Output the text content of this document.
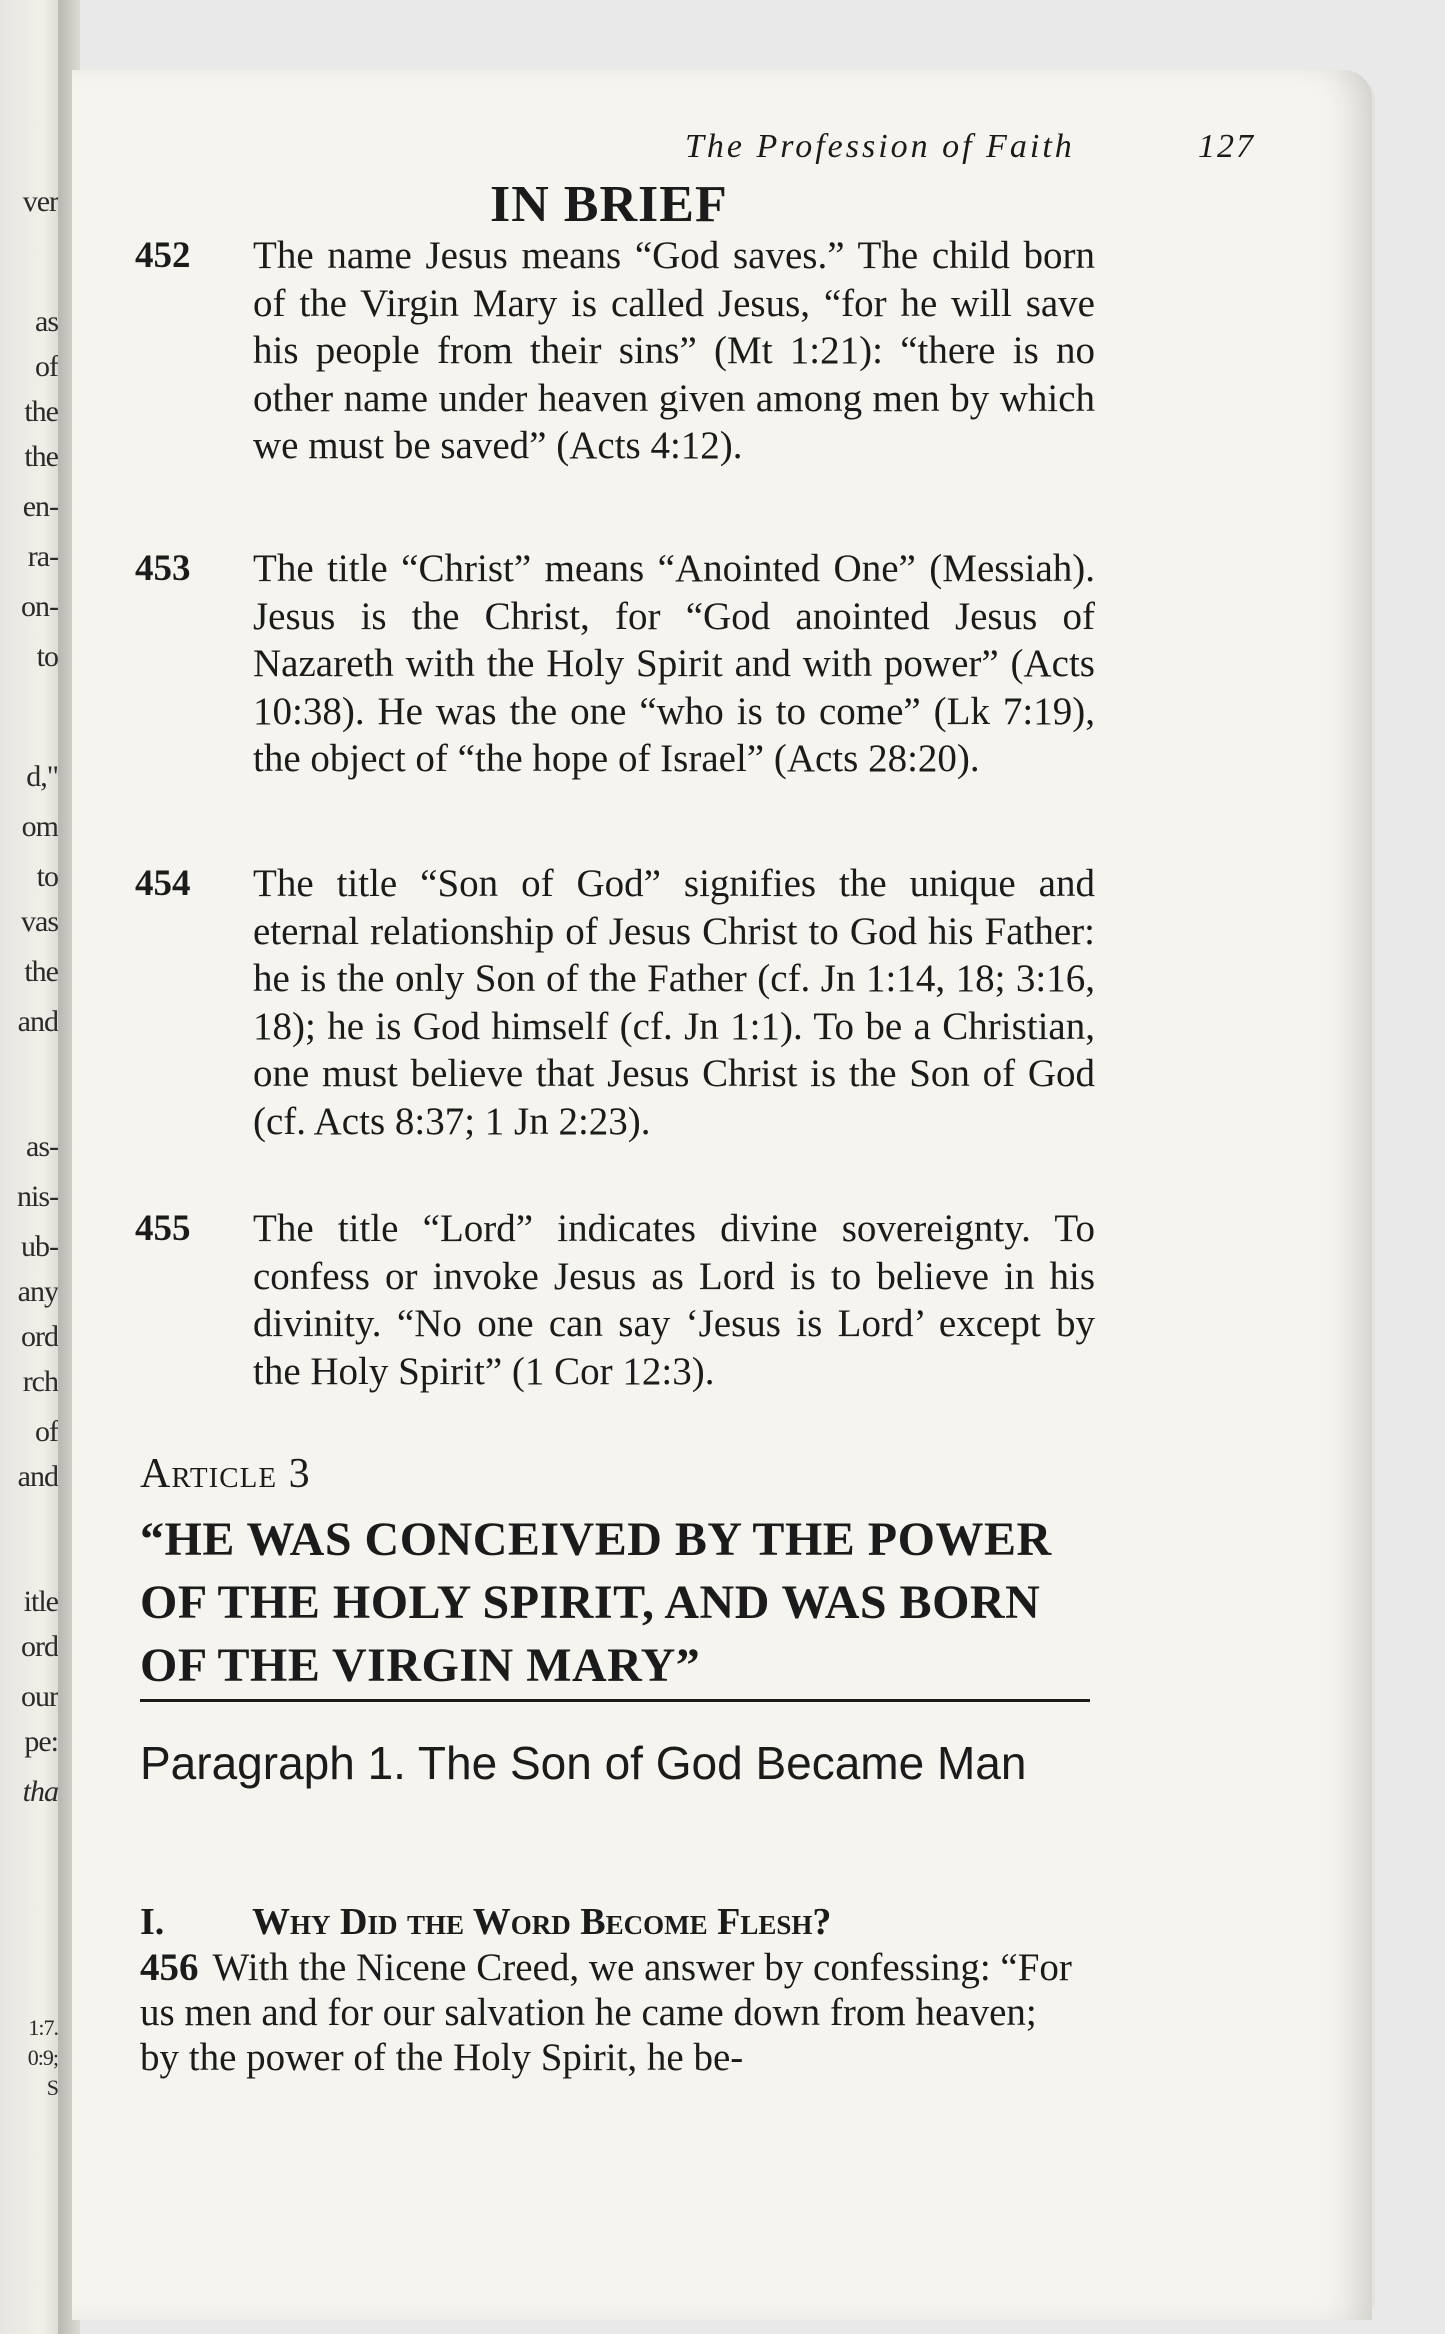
ver
as
of
the
the
en-
ra-
on-
to
d,"
om
to
vas
the
and
as-
nis-
ub-
any
ord
rch
of
and
itle
ord
our
pe:
tha
1:7.
0:9;
S
The Profession of Faith	127
IN BRIEF
452 The name Jesus means “God saves.” The child born of the Virgin Mary is called Jesus, “for he will save his people from their sins” (Mt 1:21): “there is no other name under heaven given among men by which we must be saved” (Acts 4:12).
453 The title “Christ” means “Anointed One” (Messiah). Jesus is the Christ, for “God anointed Jesus of Nazareth with the Holy Spirit and with power” (Acts 10:38). He was the one “who is to come” (Lk 7:19), the object of “the hope of Israel” (Acts 28:20).
454 The title “Son of God” signifies the unique and eternal relationship of Jesus Christ to God his Father: he is the only Son of the Father (cf. Jn 1:14, 18; 3:16, 18); he is God himself (cf. Jn 1:1). To be a Christian, one must believe that Jesus Christ is the Son of God (cf. Acts 8:37; 1 Jn 2:23).
455 The title “Lord” indicates divine sovereignty. To confess or invoke Jesus as Lord is to believe in his divinity. “No one can say ‘Jesus is Lord’ except by the Holy Spirit” (1 Cor 12:3).
Article 3
“HE WAS CONCEIVED BY THE POWER OF THE HOLY SPIRIT, AND WAS BORN OF THE VIRGIN MARY”
Paragraph 1. The Son of God Became Man
I. Why Did the Word Become Flesh?
456 With the Nicene Creed, we answer by confessing: “For us men and for our salvation he came down from heaven; by the power of the Holy Spirit, he be-
